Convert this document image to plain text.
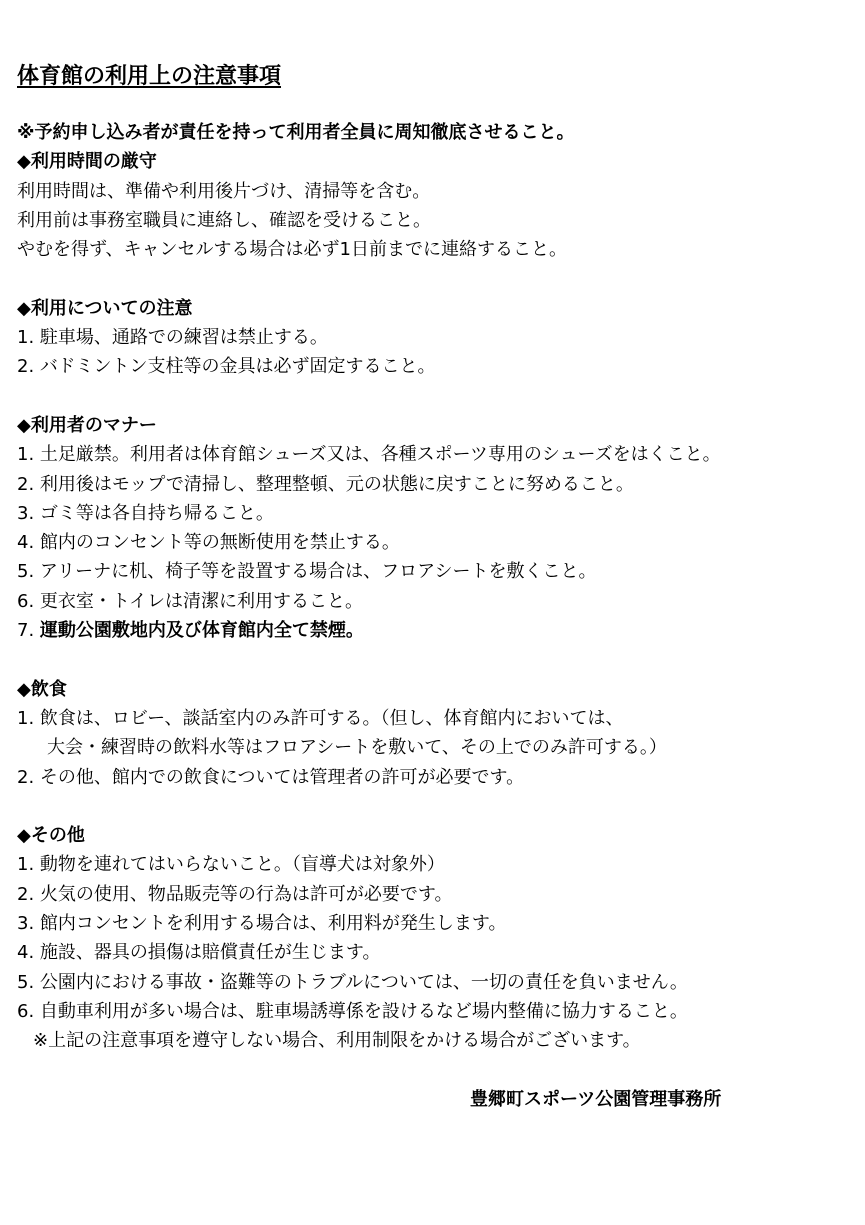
体育館の利用上の注意事項
※予約申し込み者が責任を持って利用者全員に周知徹底させること。
◆利用時間の厳守
利用時間は、準備や利用後片づけ、清掃等を含む。
利用前は事務室職員に連絡し、確認を受けること。
やむを得ず、キャンセルする場合は必ず1日前までに連絡すること。
◆利用についての注意
1. 駐車場、通路での練習は禁止する。
2. バドミントン支柱等の金具は必ず固定すること。
◆利用者のマナー
1. 土足厳禁。利用者は体育館シューズ又は、各種スポーツ専用のシューズをはくこと。
2. 利用後はモップで清掃し、整理整頓、元の状態に戻すことに努めること。
3. ゴミ等は各自持ち帰ること。
4. 館内のコンセント等の無断使用を禁止する。
5. アリーナに机、椅子等を設置する場合は、フロアシートを敷くこと。
6. 更衣室・トイレは清潔に利用すること。
7. 運動公園敷地内及び体育館内全て禁煙。
◆飲食
1. 飲食は、ロビー、談話室内のみ許可する。（但し、体育館内においては、
大会・練習時の飲料水等はフロアシートを敷いて、その上でのみ許可する。）
2. その他、館内での飲食については管理者の許可が必要です。
◆その他
1. 動物を連れてはいらないこと。（盲導犬は対象外）
2. 火気の使用、物品販売等の行為は許可が必要です。
3. 館内コンセントを利用する場合は、利用料が発生します。
4. 施設、器具の損傷は賠償責任が生じます。
5. 公園内における事故・盗難等のトラブルについては、一切の責任を負いません。
6. 自動車利用が多い場合は、駐車場誘導係を設けるなど場内整備に協力すること。
※上記の注意事項を遵守しない場合、利用制限をかける場合がございます。
豊郷町スポーツ公園管理事務所
